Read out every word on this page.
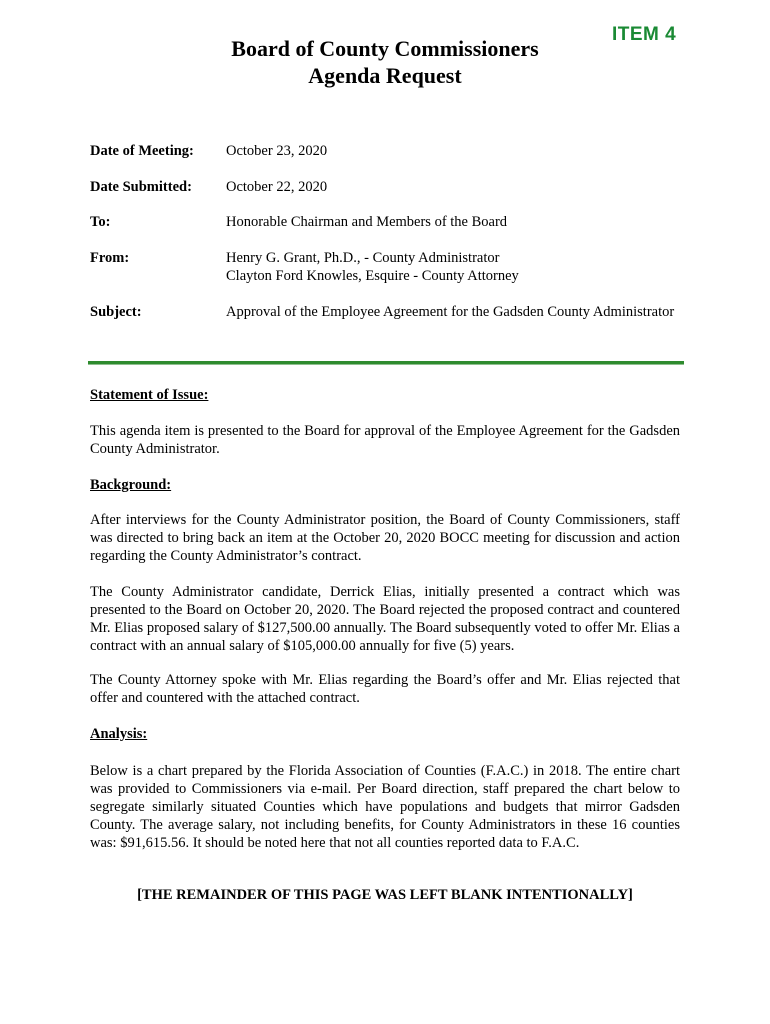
ITEM 4
Board of County Commissioners
Agenda Request
Date of Meeting: October 23, 2020
Date Submitted: October 22, 2020
To:	Honorable Chairman and Members of the Board
From:	Henry G. Grant, Ph.D., - County Administrator
Clayton Ford Knowles, Esquire - County Attorney
Subject:	Approval of the Employee Agreement for the Gadsden County Administrator
Statement of Issue:
This agenda item is presented to the Board for approval of the Employee Agreement for the Gadsden County Administrator.
Background:
After interviews for the County Administrator position, the Board of County Commissioners, staff was directed to bring back an item at the October 20, 2020 BOCC meeting for discussion and action regarding the County Administrator’s contract.
The County Administrator candidate, Derrick Elias, initially presented a contract which was presented to the Board on October 20, 2020. The Board rejected the proposed contract and countered Mr. Elias proposed salary of $127,500.00 annually. The Board subsequently voted to offer Mr. Elias a contract with an annual salary of $105,000.00 annually for five (5) years.
The County Attorney spoke with Mr. Elias regarding the Board’s offer and Mr. Elias rejected that offer and countered with the attached contract.
Analysis:
Below is a chart prepared by the Florida Association of Counties (F.A.C.) in 2018. The entire chart was provided to Commissioners via e-mail. Per Board direction, staff prepared the chart below to segregate similarly situated Counties which have populations and budgets that mirror Gadsden County. The average salary, not including benefits, for County Administrators in these 16 counties was: $91,615.56. It should be noted here that not all counties reported data to F.A.C.
[THE REMAINDER OF THIS PAGE WAS LEFT BLANK INTENTIONALLY]
